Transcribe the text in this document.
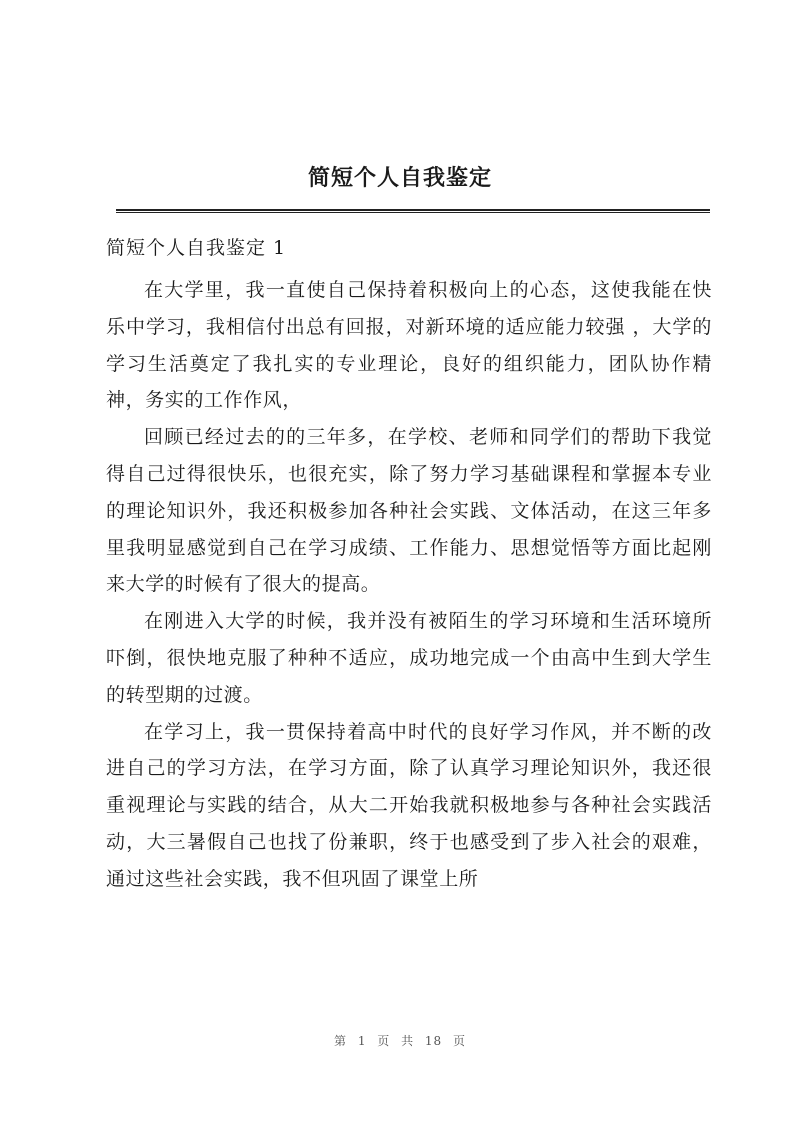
简短个人自我鉴定
简短个人自我鉴定 1

在大学里，我一直使自己保持着积极向上的心态，这使我能在快乐中学习，我相信付出总有回报，对新环境的适应能力较强 ，大学的学习生活奠定了我扎实的专业理论，良好的组织能力，团队协作精神，务实的工作作风，

回顾已经过去的的三年多，在学校、老师和同学们的帮助下我觉得自己过得很快乐，也很充实，除了努力学习基础课程和掌握本专业的理论知识外，我还积极参加各种社会实践、文体活动，在这三年多里我明显感觉到自己在学习成绩、工作能力、思想觉悟等方面比起刚来大学的时候有了很大的提高。

在刚进入大学的时候，我并没有被陌生的学习环境和生活环境所吓倒，很快地克服了种种不适应，成功地完成一个由高中生到大学生的转型期的过渡。

在学习上，我一贯保持着高中时代的良好学习作风，并不断的改进自己的学习方法，在学习方面，除了认真学习理论知识外，我还很重视理论与实践的结合，从大二开始我就积极地参与各种社会实践活动，大三暑假自己也找了份兼职，终于也感受到了步入社会的艰难，通过这些社会实践，我不但巩固了课堂上所

第 1 页 共 18 页
